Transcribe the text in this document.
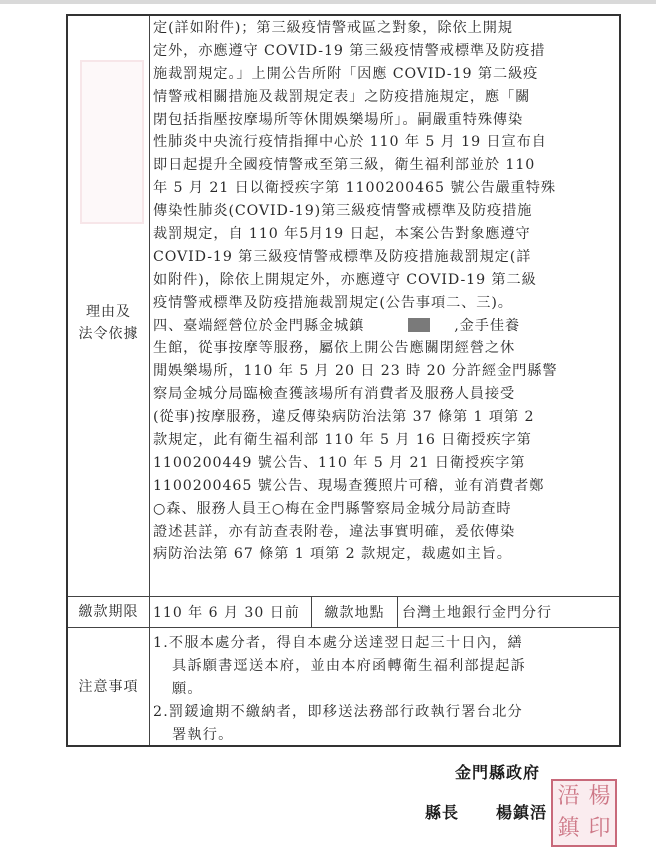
理由及
法令依據
定(詳如附件)；第三級疫情警戒區之對象，除依上開規
定外，亦應遵守 COVID-19 第三級疫情警戒標準及防疫措
施裁罰規定。」上開公告所附「因應 COVID-19 第二級疫
情警戒相關措施及裁罰規定表」之防疫措施規定，應「關
閉包括指壓按摩場所等休閒娛樂場所」。嗣嚴重特殊傳染
性肺炎中央流行疫情指揮中心於 110 年 5 月 19 日宣布自
即日起提升全國疫情警戒至第三級，衛生福利部並於 110
年 5 月 21 日以衛授疾字第 1100200465 號公告嚴重特殊
傳染性肺炎(COVID-19)第三級疫情警戒標準及防疫措施
裁罰規定，自 110 年5月19 日起，本案公告對象應遵守
COVID-19 第三級疫情警戒標準及防疫措施裁罰規定(詳
如附件)，除依上開規定外，亦應遵守 COVID-19 第二級
疫情警戒標準及防疫措施裁罰規定(公告事項二、三)。
四、臺端經營位於金門縣金城鎮	,金手佳養
生館，從事按摩等服務，屬依上開公告應關閉經營之休
閒娛樂場所，110 年 5 月 20 日 23 時 20 分許經金門縣警
察局金城分局臨檢查獲該場所有消費者及服務人員接受
(從事)按摩服務，違反傳染病防治法第 37 條第 1 項第 2
款規定，此有衛生福利部 110 年 5 月 16 日衛授疾字第
1100200449 號公告、110 年 5 月 21 日衛授疾字第
1100200465 號公告、現場查獲照片可稽，並有消費者鄭
○森、服務人員王○梅在金門縣警察局金城分局訪查時
證述甚詳，亦有訪查表附卷，違法事實明確，爰依傳染
病防治法第 67 條第 1 項第 2 款規定，裁處如主旨。
繳款期限	110 年 6 月 30 日前	繳款地點	台灣土地銀行金門分行
注意事項
1.不服本處分者，得自本處分送達翌日起三十日內，繕
具訴願書逕送本府，並由本府函轉衛生福利部提起訴
願。
2.罰鍰逾期不繳納者，即移送法務部行政執行署台北分
署執行。
金門縣政府
縣長 楊鎮浯
浯 楊
鎮 印
